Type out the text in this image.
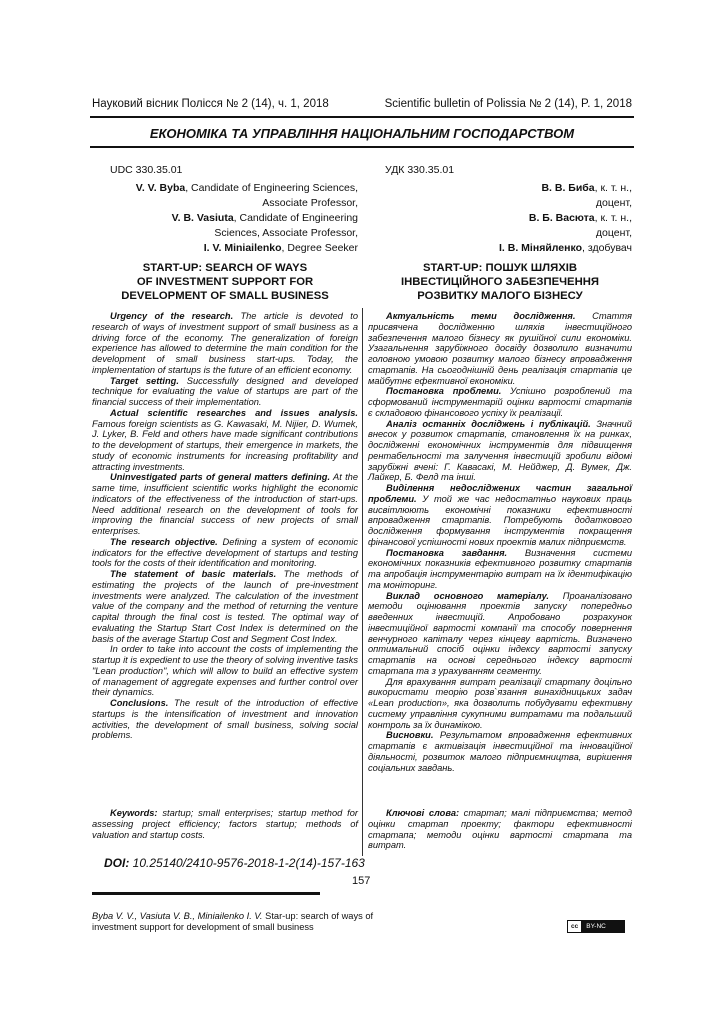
Науковий вісник Полісся № 2 (14), ч. 1, 2018	Scientific bulletin of Polissia № 2 (14), P. 1, 2018
ЕКОНОМІКА ТА УПРАВЛІННЯ НАЦІОНАЛЬНИМ ГОСПОДАРСТВОМ
UDC 330.35.01	УДК 330.35.01
V. V. Byba, Candidate of Engineering Sciences,
Associate Professor,
V. B. Vasiuta, Candidate of Engineering
Sciences, Associate Professor,
I. V. Miniailenko, Degree Seeker
В. В. Биба, к. т. н.,
доцент,
В. Б. Васюта, к. т. н.,
доцент,
І. В. Міняйленко, здобувач
START-UP: SEARCH OF WAYS
OF INVESTMENT SUPPORT FOR
DEVELOPMENT OF SMALL BUSINESS
START-UP: ПОШУК ШЛЯХІВ
ІНВЕСТИЦІЙНОГО ЗАБЕЗПЕЧЕННЯ
РОЗВИТКУ МАЛОГО БІЗНЕСУ

Urgency of the research. The article is devoted to research of ways of investment support of small business as a driving force of the economy. The generalization of foreign experience has allowed to determine the main condition for the development of small business start-ups. Today, the implementation of startups is the future of an efficient economy.

Target setting. Successfully designed and developed technique for evaluating the value of startups are part of the financial success of their implementation.

Actual scientific researches and issues analysis. Famous foreign scientists as G. Kawasaki, M. Nijier, D. Wumek, J. Lyker, B. Feld and others have made significant contributions to the development of startups, their emergence in markets, the study of economic instruments for increasing profitability and attracting investments.

Uninvestigated parts of general matters defining. At the same time, insufficient scientific works highlight the economic indicators of the effectiveness of the introduction of start-ups. Need additional research on the development of tools for improving the financial success of new projects of small enterprises.

The research objective. Defining a system of economic indicators for the effective development of startups and testing tools for the costs of their identification and monitoring.

The statement of basic materials. The methods of estimating the projects of the launch of pre-investment investments were analyzed. The calculation of the investment value of the company and the method of returning the venture capital through the final cost is tested. The optimal way of evaluating the Startup Start Cost Index is determined on the basis of the average Startup Cost and Segment Cost Index.

In order to take into account the costs of implementing the startup it is expedient to use the theory of solving inventive tasks "Lean production", which will allow to build an effective system of management of aggregate expenses and further control over their dynamics.

Conclusions. The result of the introduction of effective startups is the intensification of investment and innovation activities, the development of small business, solving social problems.

Актуальність теми дослідження. Стаття присвячена дослідженню шляхів інвестиційного забезпечення малого бізнесу як рушійної сили економіки. Узагальнення зарубіжного досвіду дозволило визначити головною умовою розвитку малого бізнесу впровадження стартапів. На сьогоднішній день реалізація стартапів це майбутнє ефективної економіки.

Постановка проблеми. Успішно розроблений та сформований інструментарій оцінки вартості стартапів є складовою фінансового успіху їх реалізації.

Аналіз останніх досліджень і публікацій. Значний внесок у розвиток стартапів, становлення їх на ринках, дослідженні економічних інструментів для підвищення рентабельності та залучення інвестицій зробили відомі зарубіжні вчені: Г. Кавасакі, М. Нейджер, Д. Вумек, Дж. Лайкер, Б. Фелд та інші.

Виділення недосліджених частин загальної проблеми. У той же час недостатньо наукових праць висвітлюють економічні показники ефективності впровадження стартапів. Потребують додаткового дослідження формування інструментів покращення фінансової успішності нових проектів малих підприємств.

Постановка завдання. Визначення системи економічних показників ефективного розвитку стартапів та апробація інструментарію витрат на їх ідентифікацію та моніторинг.

Виклад основного матеріалу. Проаналізовано методи оцінювання проектів запуску попередньо введенних інвестицій. Апробовано розрахунок інвестиційної вартості компанії та способу повернення венчурного капіталу через кінцеву вартість. Визначено оптимальний спосіб оцінки індексу вартості запуску стартапів на основі середнього індексу вартості стартапа та з урахуванням сегменту.

Для врахування витрат реалізації стартапу доцільно використати теорію розв`язання винахідницьких задач «Lean production», яка дозволить побудувати ефективну систему управління сукупними витратами та подальший контроль за їх динамікою.

Висновки. Результатом впровадження ефективних стартапів є активізація інвестиційної та інноваційної діяльності, розвиток малого підприємництва, вирішення соціальних завдань.

Keywords: startup; small enterprises; startup method for assessing project efficiency; factors startup; methods of valuation and startup costs.
Ключові слова: стартап; малі підприємства; метод оцінки стартап проекту; фактори ефективності стартапа; методи оцінки вартості стартапа та витрат.
DOI: 10.25140/2410-9576-2018-1-2(14)-157-163
157
Byba V. V., Vasiuta V. B., Miniailenko I. V. Star-up: search of ways of investment support for development of small business	cc	BY-NC
